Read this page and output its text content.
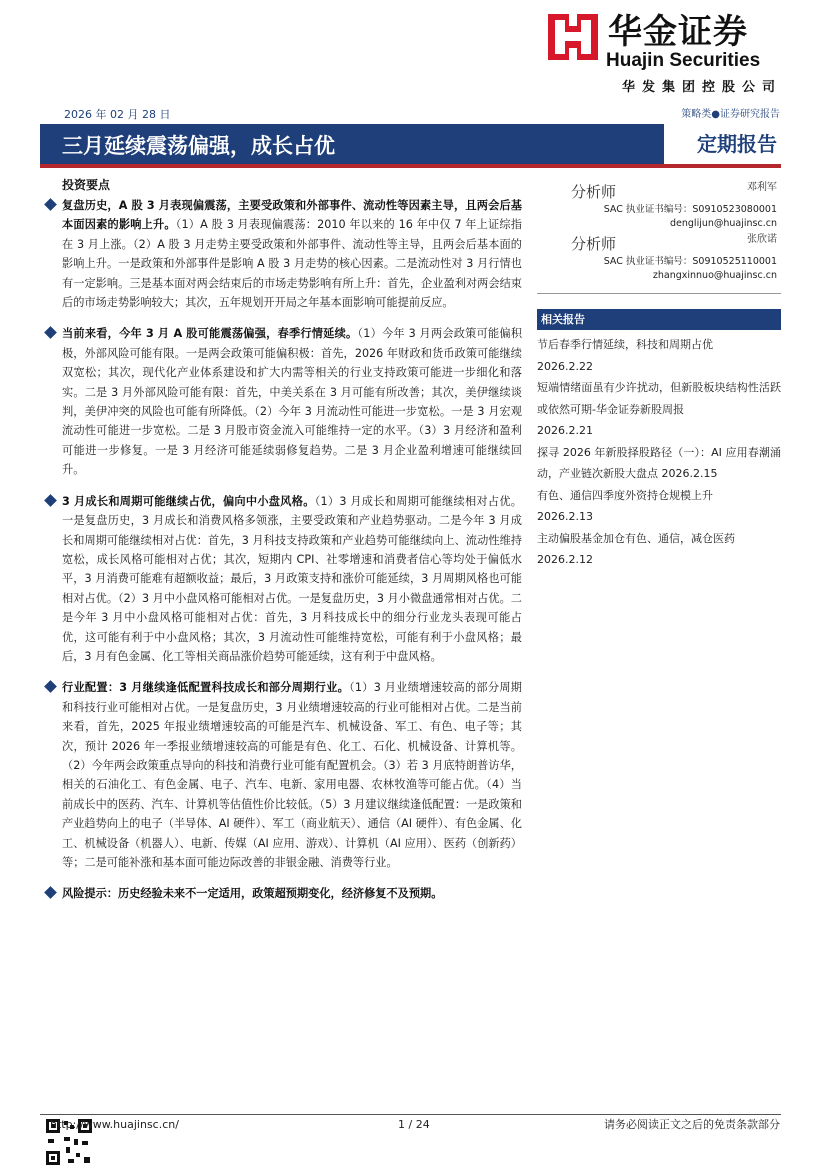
华金证券
Huajin Securities
华发集团控股公司
2026 年 02 月 28 日	策略类●证券研究报告
三月延续震荡偏强，成长占优	定期报告
投资要点
复盘历史，A 股 3 月表现偏震荡，主要受政策和外部事件、流动性等因素主导，且两会后基本面因素的影响上升。（1）A 股 3 月表现偏震荡：2010 年以来的 16 年中仅 7 年上证综指在 3 月上涨。（2）A 股 3 月走势主要受政策和外部事件、流动性等主导，且两会后基本面的影响上升。一是政策和外部事件是影响 A 股 3 月走势的核心因素。二是流动性对 3 月行情也有一定影响。三是基本面对两会结束后的市场走势影响有所上升：首先，企业盈利对两会结束后的市场走势影响较大；其次，五年规划开开局之年基本面影响可能提前反应。
当前来看，今年 3 月 A 股可能震荡偏强，春季行情延续。（1）今年 3 月两会政策可能偏积极，外部风险可能有限。一是两会政策可能偏积极：首先，2026 年财政和货币政策可能继续双宽松；其次，现代化产业体系建设和扩大内需等相关的行业支持政策可能进一步细化和落实。二是 3 月外部风险可能有限：首先，中美关系在 3 月可能有所改善；其次，美伊继续谈判，美伊冲突的风险也可能有所降低。（2）今年 3 月流动性可能进一步宽松。一是 3 月宏观流动性可能进一步宽松。二是 3 月股市资金流入可能维持一定的水平。（3）3 月经济和盈利可能进一步修复。一是 3 月经济可能延续弱修复趋势。二是 3 月企业盈利增速可能继续回升。
3 月成长和周期可能继续占优，偏向中小盘风格。（1）3 月成长和周期可能继续相对占优。一是复盘历史，3 月成长和消费风格多领涨，主要受政策和产业趋势驱动。二是今年 3 月成长和周期可能继续相对占优：首先，3 月科技支持政策和产业趋势可能继续向上、流动性维持宽松，成长风格可能相对占优；其次，短期内 CPI、社零增速和消费者信心等均处于偏低水平，3 月消费可能难有超额收益；最后，3 月政策支持和涨价可能延续，3 月周期风格也可能相对占优。（2）3 月中小盘风格可能相对占优。一是复盘历史，3 月小微盘通常相对占优。二是今年 3 月中小盘风格可能相对占优：首先，3 月科技成长中的细分行业龙头表现可能占优，这可能有利于中小盘风格；其次，3 月流动性可能维持宽松，可能有利于小盘风格；最后，3 月有色金属、化工等相关商品涨价趋势可能延续，这有利于中盘风格。
行业配置：3 月继续逢低配置科技成长和部分周期行业。（1）3 月业绩增速较高的部分周期和科技行业可能相对占优。一是复盘历史，3 月业绩增速较高的行业可能相对占优。二是当前来看，首先，2025 年报业绩增速较高的可能是汽车、机械设备、军工、有色、电子等；其次，预计 2026 年一季报业绩增速较高的可能是有色、化工、石化、机械设备、计算机等。（2）今年两会政策重点导向的科技和消费行业可能有配置机会。（3）若 3 月底特朗普访华，相关的石油化工、有色金属、电子、汽车、电新、家用电器、农林牧渔等可能占优。（4）当前成长中的医药、汽车、计算机等估值性价比较低。（5）3 月建议继续逢低配置：一是政策和产业趋势向上的电子（半导体、AI 硬件）、军工（商业航天）、通信（AI 硬件）、有色金属、化工、机械设备（机器人）、电新、传媒（AI 应用、游戏）、计算机（AI 应用）、医药（创新药）等；二是可能补涨和基本面可能边际改善的非银金融、消费等行业。
风险提示：历史经验未来不一定适用，政策超预期变化，经济修复不及预期。
分析师	邓利军
SAC 执业证书编号：S0910523080001
denglijun@huajinsc.cn
分析师	张欣诺
SAC 执业证书编号：S0910525110001
zhangxinnuo@huajinsc.cn
相关报告
节后春季行情延续，科技和周期占优
2026.2.22
短端情绪面虽有少许扰动，但新股板块结构性活跃或依然可期-华金证券新股周报
2026.2.21
探寻 2026 年新股择股路径（一）：AI 应用春潮涌动，产业链次新股大盘点 2026.2.15
有色、通信四季度外资持仓规模上升
2026.2.13
主动偏股基金加仓有色、通信，减仓医药
2026.2.12
http://www.huajinsc.cn/	1 / 24	请务必阅读正文之后的免责条款部分
